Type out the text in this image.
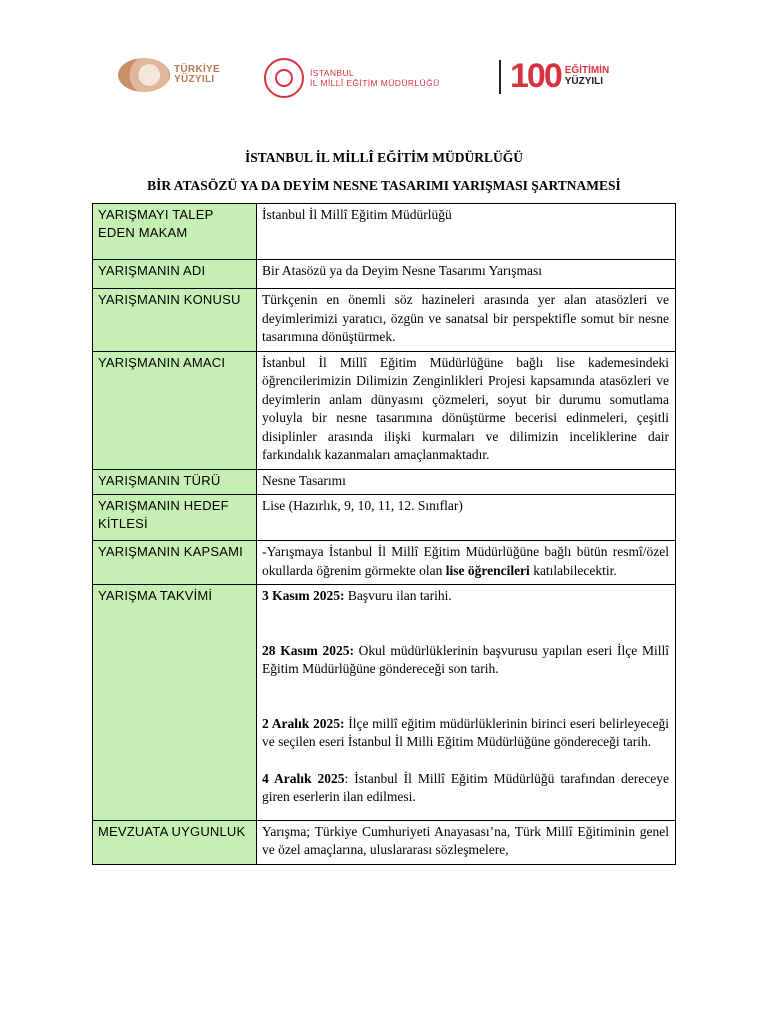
TÜRKİYE
YÜZYILI
İSTANBUL
İL MİLLÎ EĞİTİM MÜDÜRLÜĞÜ 100 EĞİTİMİN
YÜZYILI
İSTANBUL İL MİLLÎ EĞİTİM MÜDÜRLÜĞÜ
BİR ATASÖZÜ YA DA DEYİM NESNE TASARIMI YARIŞMASI ŞARTNAMESİ
YARIŞMAYI TALEP EDEN MAKAM	İstanbul İl Millî Eğitim Müdürlüğü
YARIŞMANIN ADI	Bir Atasözü ya da Deyim Nesne Tasarımı Yarışması
YARIŞMANIN KONUSU	Türkçenin en önemli söz hazineleri arasında yer alan atasözleri ve deyimlerimizi yaratıcı, özgün ve sanatsal bir perspektifle somut bir nesne tasarımına dönüştürmek.
YARIŞMANIN AMACI	İstanbul İl Millî Eğitim Müdürlüğüne bağlı lise kademesindeki öğrencilerimizin Dilimizin Zenginlikleri Projesi kapsamında atasözleri ve deyimlerin anlam dünyasını çözmeleri, soyut bir durumu somutlama yoluyla bir nesne tasarımına dönüştürme becerisi edinmeleri, çeşitli disiplinler arasında ilişki kurmaları ve dilimizin inceliklerine dair farkındalık kazanmaları amaçlanmaktadır.
YARIŞMANIN TÜRÜ	Nesne Tasarımı
YARIŞMANIN HEDEF KİTLESİ	Lise (Hazırlık, 9, 10, 11, 12. Sınıflar)
YARIŞMANIN KAPSAMI	-Yarışmaya İstanbul İl Millî Eğitim Müdürlüğüne bağlı bütün resmî/özel okullarda öğrenim görmekte olan lise öğrencileri katılabilecektir.
YARIŞMA TAKVİMİ	3 Kasım 2025: Başvuru ilan tarihi.
28 Kasım 2025: Okul müdürlüklerinin başvurusu yapılan eseri İlçe Millî Eğitim Müdürlüğüne göndereceği son tarih.
2 Aralık 2025: İlçe millî eğitim müdürlüklerinin birinci eseri belirleyeceği ve seçilen eseri İstanbul İl Milli Eğitim Müdürlüğüne göndereceği tarih.
4 Aralık 2025: İstanbul İl Millî Eğitim Müdürlüğü tarafından dereceye giren eserlerin ilan edilmesi.

MEVZUATA UYGUNLUK	Yarışma; Türkiye Cumhuriyeti Anayasası’na, Türk Millî Eğitiminin genel ve özel amaçlarına, uluslararası sözleşmelere,
